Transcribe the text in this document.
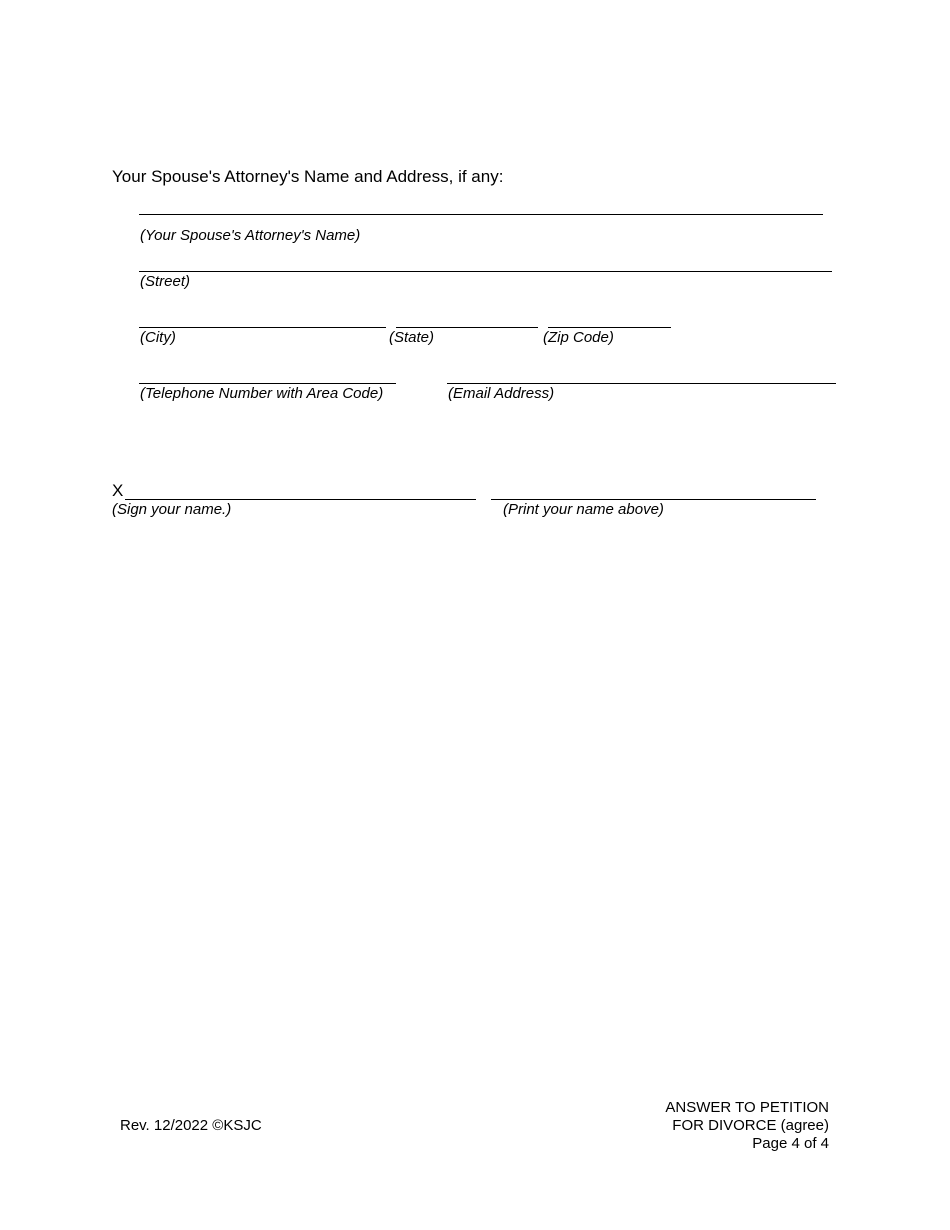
Your Spouse's Attorney's Name and Address, if any:
(Your Spouse's Attorney's Name)
(Street)
(City)	(State)	(Zip Code)
(Telephone Number with Area Code)	(Email Address)
X
(Sign your name.)	(Print your name above)
Rev. 12/2022 ©KSJC
ANSWER TO PETITION
FOR DIVORCE (agree)
Page 4 of 4
